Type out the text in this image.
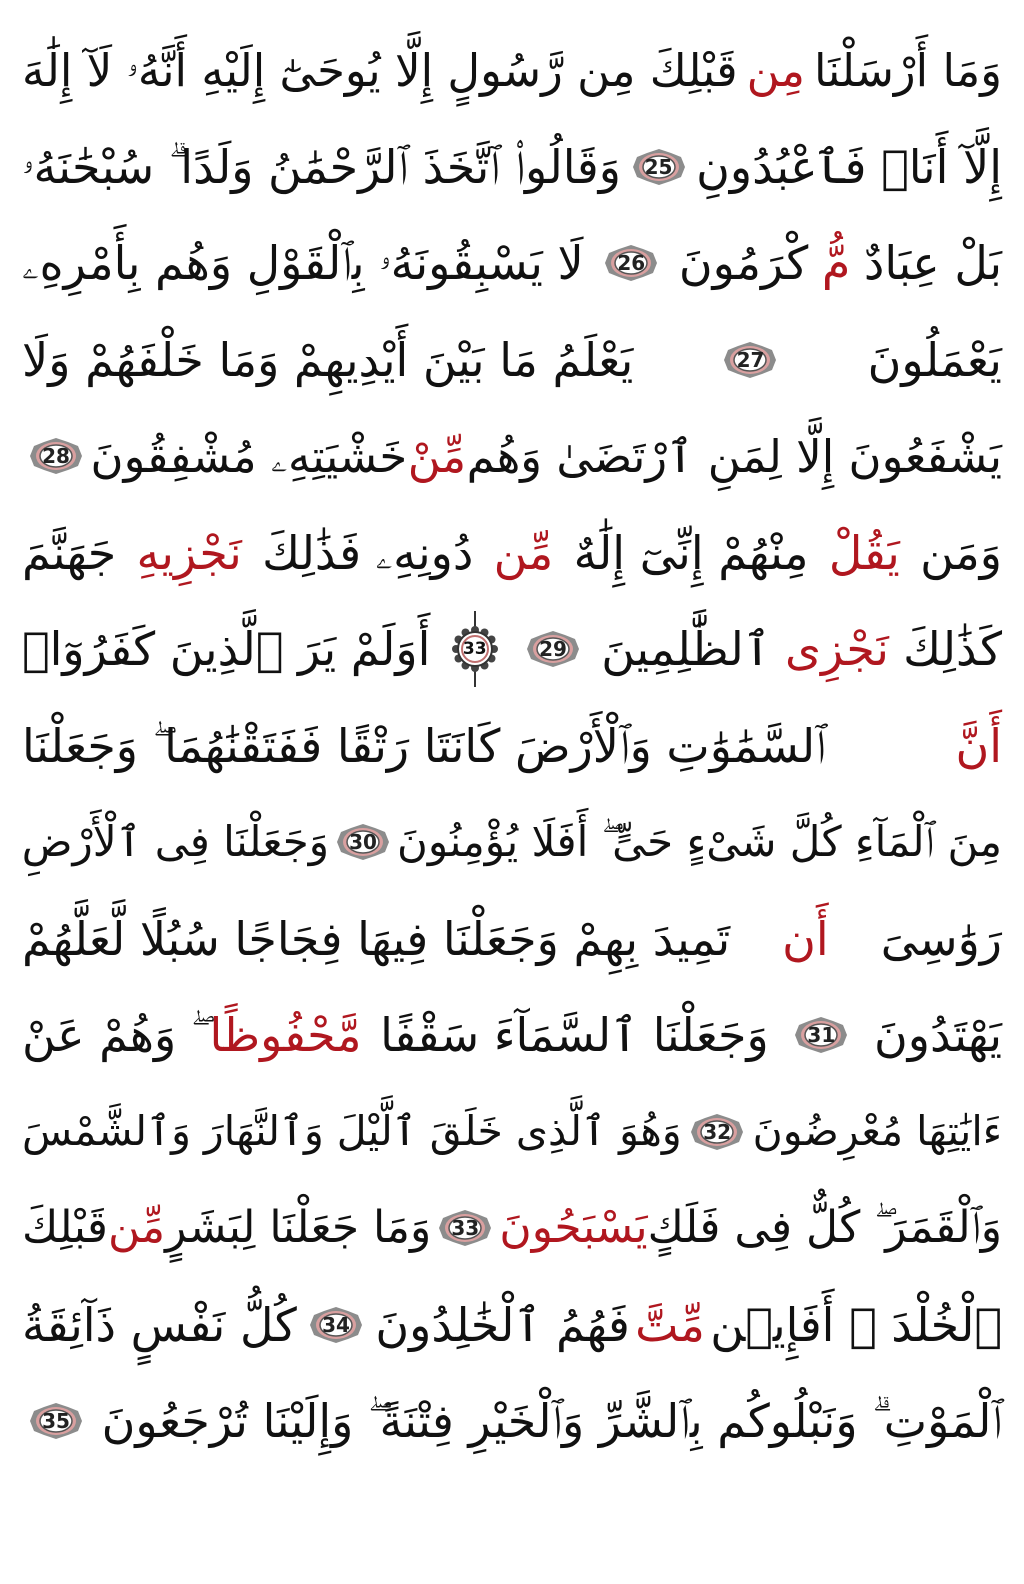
وَمَا أَرْسَلْنَا
مِن
قَبْلِكَ مِن رَّسُولٍ إِلَّا يُوحَىٰٓ إِلَيْهِ أَنَّهُۥ لَآ إِلَٰهَ
إِلَّآ أَنَا۠ فَٱعْبُدُونِ
25
وَقَالُوا۟ ٱتَّخَذَ ٱلرَّحْمَٰنُ وَلَدًا ۗ سُبْحَٰنَهُۥ
بَلْ عِبَادٌ
مُّ
كْرَمُونَ
26
لَا يَسْبِقُونَهُۥ بِٱلْقَوْلِ وَهُم بِأَمْرِهِۦ
يَعْمَلُونَ
27
يَعْلَمُ مَا بَيْنَ أَيْدِيهِمْ وَمَا خَلْفَهُمْ وَلَا
يَشْفَعُونَ إِلَّا لِمَنِ ٱرْتَضَىٰ وَهُم
مِّنْ
خَشْيَتِهِۦ مُشْفِقُونَ
28
وَمَن
يَقُلْ
مِنْهُمْ إِنِّىٓ إِلَٰهٌ
مِّن
دُونِهِۦ فَذَٰلِكَ
نَجْزِيهِ
جَهَنَّمَ
كَذَٰلِكَ
نَجْزِى
ٱلظَّٰلِمِينَ
29
33
أَوَلَمْ يَرَ ٱلَّذِينَ كَفَرُوٓا۟
أَنَّ
ٱلسَّمَٰوَٰتِ وَٱلْأَرْضَ كَانَتَا رَتْقًا فَفَتَقْنَٰهُمَا ۖ وَجَعَلْنَا
مِنَ ٱلْمَآءِ كُلَّ شَىْءٍ حَىٍّ ۖ أَفَلَا يُؤْمِنُونَ
30
وَجَعَلْنَا فِى ٱلْأَرْضِ
رَوَٰسِىَ
أَن
تَمِيدَ بِهِمْ وَجَعَلْنَا فِيهَا فِجَاجًا سُبُلًا لَّعَلَّهُمْ
يَهْتَدُونَ
31
وَجَعَلْنَا ٱلسَّمَآءَ سَقْفًا
مَّحْفُوظًا
ۖ وَهُمْ عَنْ
ءَايَٰتِهَا مُعْرِضُونَ
32
وَهُوَ ٱلَّذِى خَلَقَ ٱلَّيْلَ وَٱلنَّهَارَ وَٱلشَّمْسَ
وَٱلْقَمَرَ ۖ كُلٌّ فِى فَلَكٍ
يَسْبَحُونَ
33
وَمَا جَعَلْنَا لِبَشَرٍ
مِّن
قَبْلِكَ
ٱلْخُلْدَ ۖ أَفَإِي۟ن
مِّتَّ
فَهُمُ ٱلْخَٰلِدُونَ
34
كُلُّ نَفْسٍ ذَآئِقَةُ
ٱلْمَوْتِ ۗ وَنَبْلُوكُم بِٱلشَّرِّ وَٱلْخَيْرِ فِتْنَةً ۖ وَإِلَيْنَا تُرْجَعُونَ
35
